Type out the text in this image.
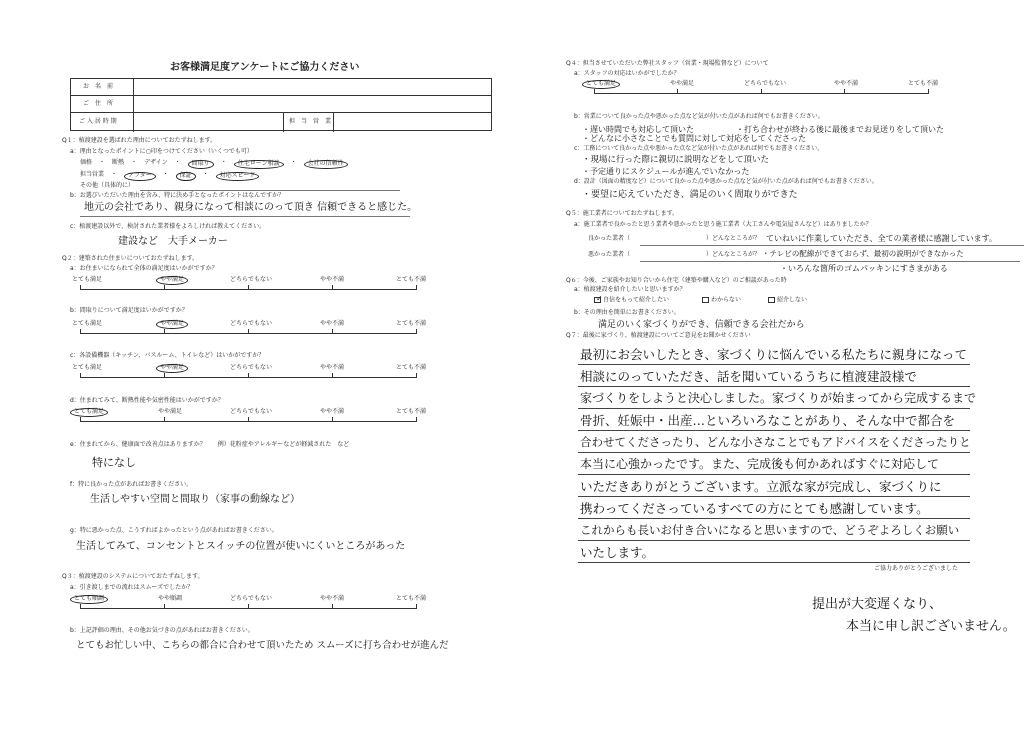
お客様満足度アンケートにご協力ください
お　名　前
ご　住　所
ご 入 居 時 期	担　当　営　業
Q１：植渡建設を選ばれた理由についておたずねします。
a：理由となったポイントに○印をつけてください（いくつでも可）
価格 ・ 断熱 ・ デザイン ・	間取り	・	住宅ローン相談	・	会社の信頼性
担当営業 ・	アフター	・	保証	・	対応スピード
その他（具体的に）
b：お選びいただいた理由を含み、特に決め手となったポイントはなんですか？
地元の会社であり、親身になって相談にのって頂き 信頼できると感じた。
c：植渡建設以外で、検討された業者様をよろしければ教えてください。
建設など　大手メーカー
Q２：建築された住まいについておたずねします。
a：お住まいになられて全体の満足度はいかがですか？
とても満足	やや満足	どちらでもない	やや不満	とても不満
b：間取りについて満足度はいかがですか？
とても満足	やや満足	どちらでもない	やや不満	とても不満
c：各設備機器（キッチン、バスルーム、トイレなど）はいかがですか？
とても満足	やや満足	どちらでもない	やや不満	とても不満
d：住まれてみて、断熱性能や気密性能はいかがですか？
とても満足	やや満足	どちらでもない	やや不満	とても不満
e：住まれてから、健康面で改善点はありますか？　　例）花粉症やアレルギーなどが軽減された　など
特になし
f：特に良かった点があればお書きください。
生活しやすい空間と間取り（家事の動線など）
g：特に悪かった点、こうすればよかったという点があればお書きください。
生活してみて、コンセントとスイッチの位置が使いにくいところがあった
Q３：植渡建設のシステムについておたずねします。
a：引き渡しまでの流れはスムーズでしたか？
とても順調	やや順調	どちらでもない	やや不満	とても不満
b：上記評価の理由、その他お気づきの点があればお書きください。
とてもお忙しい中、こちらの都合に合わせて頂いたため スムーズに打ち合わせが進んだ
Q４：担当させていただいた弊社スタッフ（営業・現場監督など）について
a：スタッフの対応はいかがでしたか？
とても満足	やや満足	どちらでもない	やや不満	とても不満
b：営業について良かった点や悪かった点など気が付いた点があれば何でもお書きください。
・遅い時間でも対応して頂いた	・打ち合わせが終わる後に最後までお見送りをして頂いた
・どんなに小さなことでも質問に対して対応をしてくださった
c：工務について良かった点や悪かった点など気が付いた点があれば何でもお書きください。
・現場に行った際に親切に説明などをして頂いた
・予定通りにスケジュールが進んでいなかった
d：設計（図面の精度など）について良かった点や悪かった点など気が付いた点があれば何でもお書きください。
・要望に応えていただき、満足のいく間取りができた
Q５：施工業者についておたずねします。
a：施工業者で良かったと思う業者や悪かったと思う施工業者（大工さんや電気屋さんなど）はありましたか？
良かった業者（	）どんなところが？ ていねいに作業していただき、全ての業者様に感謝しています。
悪かった業者（	）どんなところが？ ・テレビの配線ができておらず、最初の説明ができなかった
・いろんな箇所のゴムパッキンにすきまがある
Q６：今後、ご家族やお知り合いから住宅（建築や購入など）のご相談があった時
a：植渡建設を紹介したいと思いますか？
✓ 自信をもって紹介したい	わからない	紹介しない
b：その理由を簡単にお書きください。
満足のいく家づくりができ、信頼できる会社だから
Q７：最後に家づくり、植渡建設についてご意見をお聞かせください
最初にお会いしたとき、家づくりに悩んでいる私たちに親身になって
相談にのっていただき、話を聞いているうちに植渡建設様で
家づくりをしようと決心しました。家づくりが始まってから完成するまで
骨折、妊娠中・出産…といろいろなことがあり、そんな中で都合を
合わせてくださったり、どんな小さなことでもアドバイスをくださったりと
本当に心強かったです。また、完成後も何かあればすぐに対応して
いただきありがとうございます。立派な家が完成し、家づくりに
携わってくださっているすべての方にとても感謝しています。
これからも長いお付き合いになると思いますので、どうぞよろしくお願い
いたします。
ご協力ありがとうございました
提出が大変遅くなり、
本当に申し訳ございません。
